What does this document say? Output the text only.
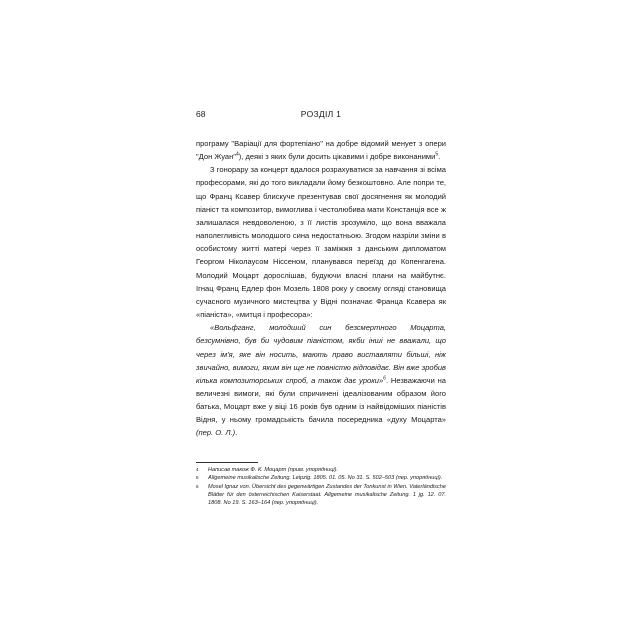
68	РОЗДІЛ 1

програму "Варіації для фортепіано" на добре відомий менует з опери "Дон Жуан"$^4$), деякі з яких були досить цікавими і добре виконаними$^5$.

З гонорару за концерт вдалося розрахуватися за навчання зі всіма професорами, які до того викладали йому безкоштовно. Але попри те, що Франц Ксавер блискуче презентував свої досягнення як молодий піаніст та композитор, вимоглива і честолюбива мати Констанція все ж залишалася невдоволеною, з її листів зрозуміло, що вона вважала наполегливість молодшого сина недостатньою. Згодом назріли зміни в особистому житті матері через її заміжжя з данським дипломатом Георгом Ніколаусом Ніссеном, планувався переїзд до Копенгагена. Молодий Моцарт дорослішав, будуючи власні плани на майбутнє. Ігнац Франц Едлер фон Мозель 1808 року у своєму огляді становища сучасного музичного мистецтва у Відні позначає Франца Ксавера як «піаніста», «митця і професора»:

«Вольфганг, молодший син безсмертного Моцарта, безсумнівно, був би чудовим піаністом, якби інші не вважали, що через ім'я, яке він носить, мають право виставляти більші, ніж звичайно, вимоги, яким він ще не повністю відповідає. Він вже зробив кілька композиторських спроб, а також дає уроки»$^6$. Незважаючи на величезні вимоги, які були спричинені ідеалізованим образом його батька, Моцарт вже у віці 16 років був одним із найвідоміших піаністів Відня, у ньому громадськість бачила посередника «духу Моцарта» (пер. О. Л.).

4 Написав також Ф. К. Моцарт (прим. упорядниці).
5 Allgemeine musikalische Zeitung. Leipzig. 1805. 01. 05. No 31. S. 502–503 (пер. упорядниці).
6 Mosel Ignaz von. Übersicht des gegenwärtigen Zustandes der Tonkunst in Wien. Vaterländische Blätter für den österreichischen Kaiserstaat. Allgemeine musikalische Zeitung. 1 jg. 12. 07. 1808. No 19. S. 163–164 (пер. упорядниці).
